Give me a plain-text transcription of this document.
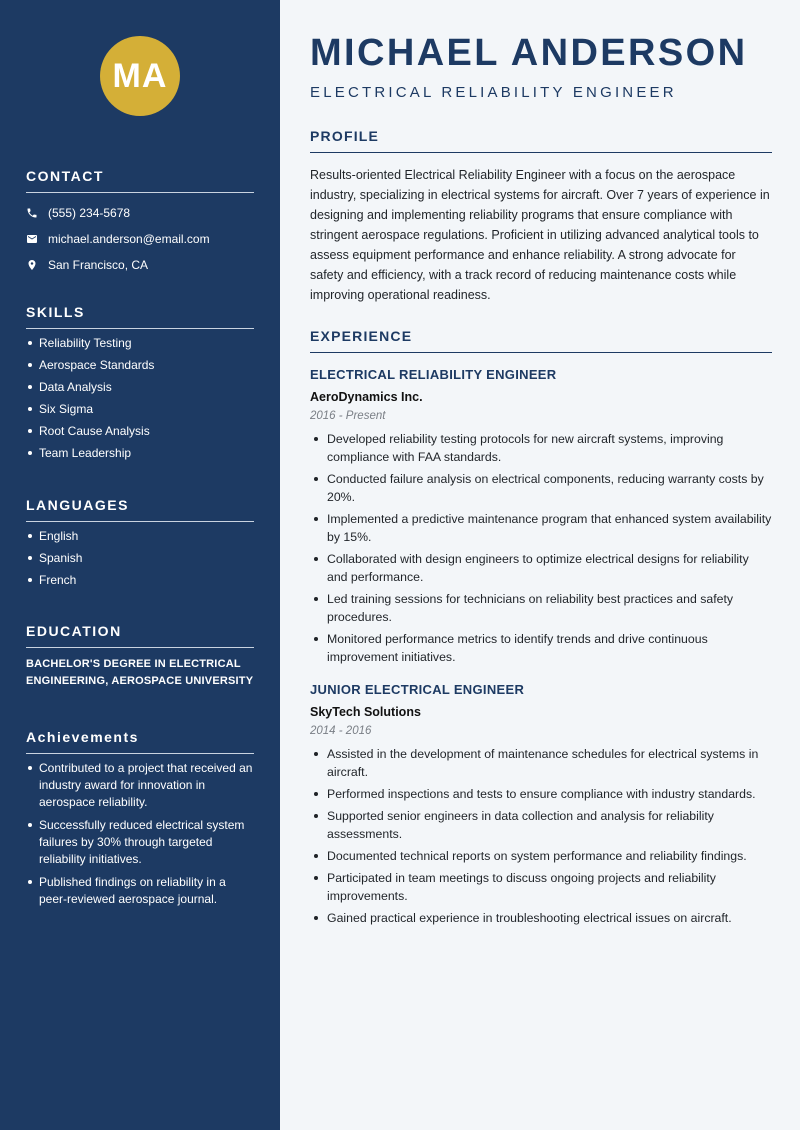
MA
CONTACT
(555) 234-5678
michael.anderson@email.com
San Francisco, CA
SKILLS
Reliability Testing
Aerospace Standards
Data Analysis
Six Sigma
Root Cause Analysis
Team Leadership
LANGUAGES
English
Spanish
French
EDUCATION
BACHELOR'S DEGREE IN ELECTRICAL ENGINEERING, AEROSPACE UNIVERSITY
Achievements
Contributed to a project that received an industry award for innovation in aerospace reliability.
Successfully reduced electrical system failures by 30% through targeted reliability initiatives.
Published findings on reliability in a peer-reviewed aerospace journal.
MICHAEL ANDERSON
ELECTRICAL RELIABILITY ENGINEER
PROFILE

Results-oriented Electrical Reliability Engineer with a focus on the aerospace industry, specializing in electrical systems for aircraft. Over 7 years of experience in designing and implementing reliability programs that ensure compliance with stringent aerospace regulations. Proficient in utilizing advanced analytical tools to assess equipment performance and enhance reliability. A strong advocate for safety and efficiency, with a track record of reducing maintenance costs while improving operational readiness.

EXPERIENCE
ELECTRICAL RELIABILITY ENGINEER
AeroDynamics Inc.
2016 - Present
Developed reliability testing protocols for new aircraft systems, improving compliance with FAA standards.
Conducted failure analysis on electrical components, reducing warranty costs by 20%.
Implemented a predictive maintenance program that enhanced system availability by 15%.
Collaborated with design engineers to optimize electrical designs for reliability and performance.
Led training sessions for technicians on reliability best practices and safety procedures.
Monitored performance metrics to identify trends and drive continuous improvement initiatives.
JUNIOR ELECTRICAL ENGINEER
SkyTech Solutions
2014 - 2016
Assisted in the development of maintenance schedules for electrical systems in aircraft.
Performed inspections and tests to ensure compliance with industry standards.
Supported senior engineers in data collection and analysis for reliability assessments.
Documented technical reports on system performance and reliability findings.
Participated in team meetings to discuss ongoing projects and reliability improvements.
Gained practical experience in troubleshooting electrical issues on aircraft.
